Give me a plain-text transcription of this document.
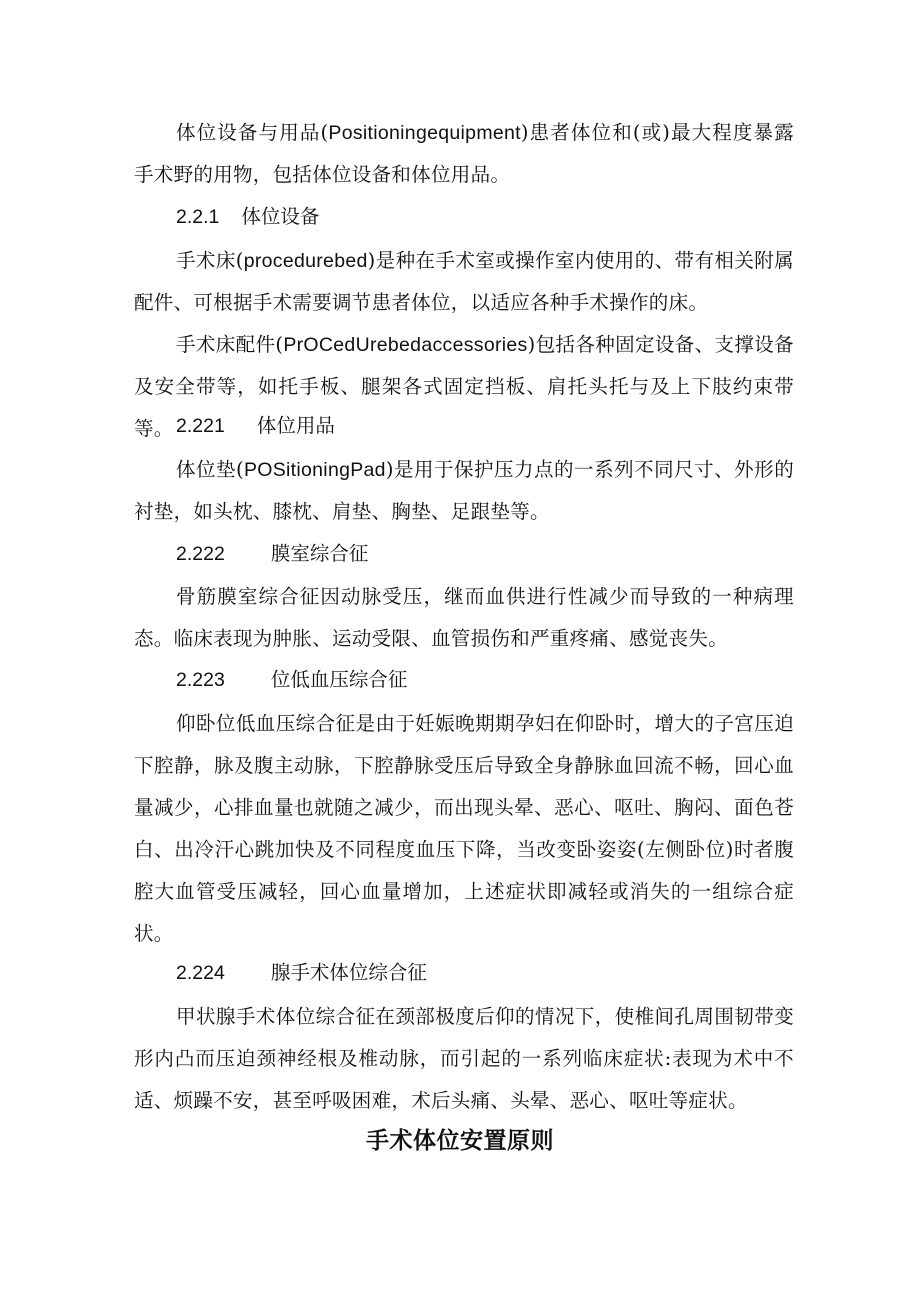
体位设备与用品(Positioningequipment)患者体位和(或)最大程度暴露手术野的用物，包括体位设备和体位用品。

2.2.1 体位设备

手术床(procedurebed)是种在手术室或操作室内使用的、带有相关附属配件、可根据手术需要调节患者体位，以适应各种手术操作的床。

手术床配件(PrOCedUrebedaccessories)包括各种固定设备、支撑设备及安全带等，如托手板、腿架各式固定挡板、肩托头托与及上下肢约束带等。 2.221 体位用品

体位垫(POSitioningPad)是用于保护压力点的一系列不同尺寸、外形的衬垫，如头枕、膝枕、肩垫、胸垫、足跟垫等。

2.222 膜室综合征

骨筋膜室综合征因动脉受压，继而血供进行性减少而导致的一种病理态。临床表现为肿胀、运动受限、血管损伤和严重疼痛、感觉丧失。

2.223 位低血压综合征

仰卧位低血压综合征是由于妊娠晚期期孕妇在仰卧时，增大的子宫压迫下腔静，脉及腹主动脉，下腔静脉受压后导致全身静脉血回流不畅，回心血量减少，心排血量也就随之减少，而出现头晕、恶心、呕吐、胸闷、面色苍白、出冷汗心跳加快及不同程度血压下降，当改变卧姿姿(左侧卧位)时者腹腔大血管受压减轻，回心血量增加，上述症状即减轻或消失的一组综合症状。

2.224 腺手术体位综合征

甲状腺手术体位综合征在颈部极度后仰的情况下，使椎间孔周围韧带变形内凸而压迫颈神经根及椎动脉，而引起的一系列临床症状:表现为术中不适、烦躁不安，甚至呼吸困难，术后头痛、头晕、恶心、呕吐等症状。

手术体位安置原则
